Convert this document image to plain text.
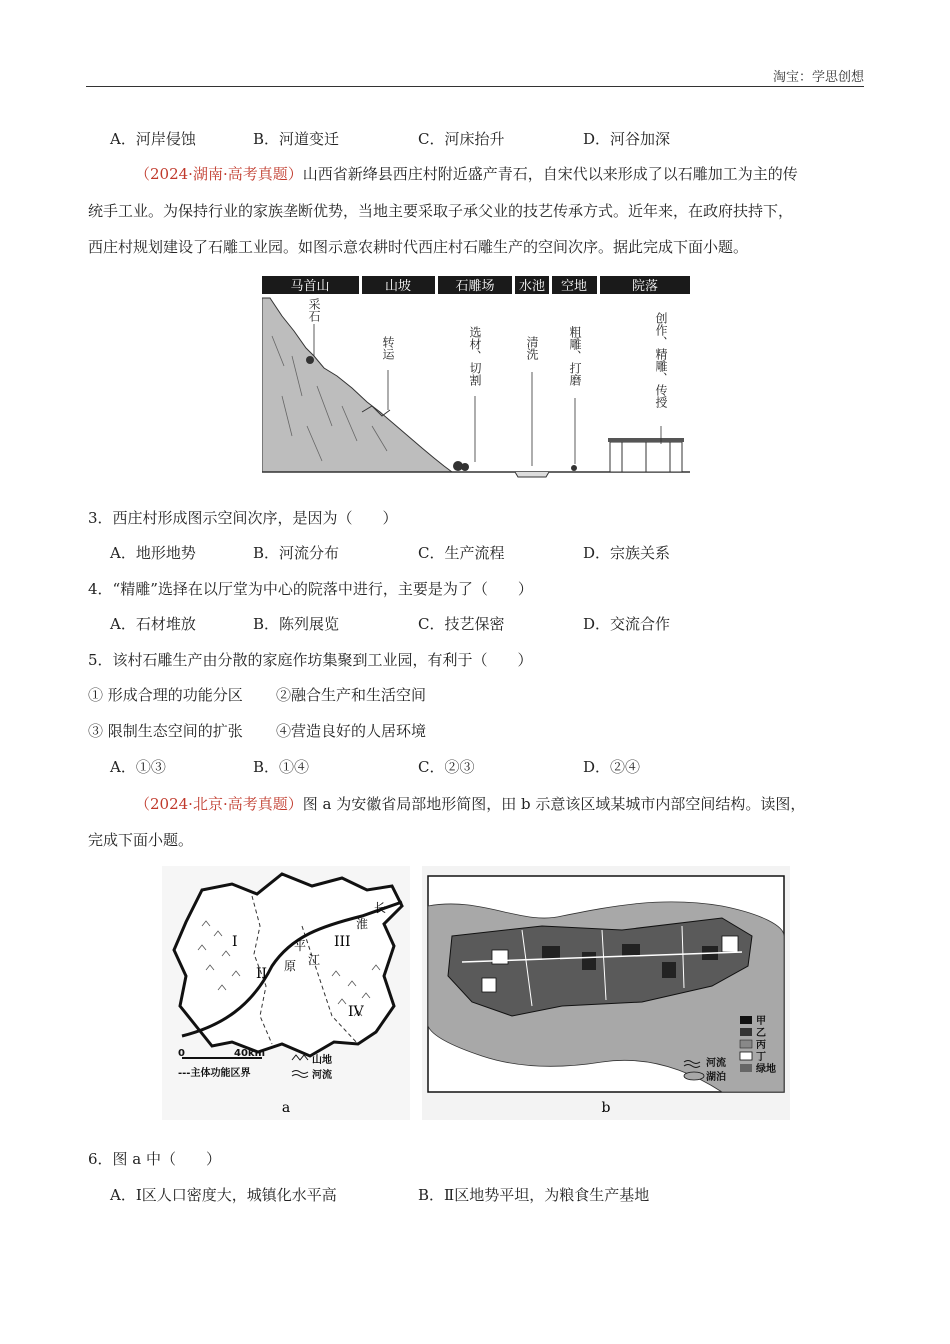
淘宝：学思创想
A．河岸侵蚀	B．河道变迁	C．河床抬升	D．河谷加深
（2024·湖南·高考真题）山西省新绛县西庄村附近盛产青石，自宋代以来形成了以石雕加工为主的传
统手工业。为保持行业的家族垄断优势，当地主要采取子承父业的技艺传承方式。近年来，在政府扶持下，
西庄村规划建设了石雕工业园。如图示意农耕时代西庄村石雕生产的空间次序。据此完成下面小题。
马首山	山坡	石雕场 水池 空地	院落
采石
转运	选材、切割	清洗 粗雕、打磨	创作、精雕、传授
3．西庄村形成图示空间次序，是因为（　　）
A．地形地势	B．河流分布	C．生产流程	D．宗族关系
4．“精雕”选择在以厅堂为中心的院落中进行，主要是为了（　　）
A．石材堆放	B．陈列展览	C．技艺保密	D．交流合作
5．该村石雕生产由分散的家庭作坊集聚到工业园，有利于（　　）
① 形成合理的功能分区 ②融合生产和生活空间
③ 限制生态空间的扩张 ④营造良好的人居环境
A．①③	B．①④	C．②③	D．②④
（2024·北京·高考真题）图 a 为安徽省局部地形简图，田 b 示意该区域某城市内部空间结构。读图，
完成下面小题。
I
II
III
IV
平
原 江
淮
长
0	40km
山地
---主体功能区界	河流
a
甲
乙
丙
丁
绿地
河流
湖泊
b
6．图 a 中（　　）
A．Ⅰ区人口密度大，城镇化水平高	B．Ⅱ区地势平坦，为粮食生产基地
